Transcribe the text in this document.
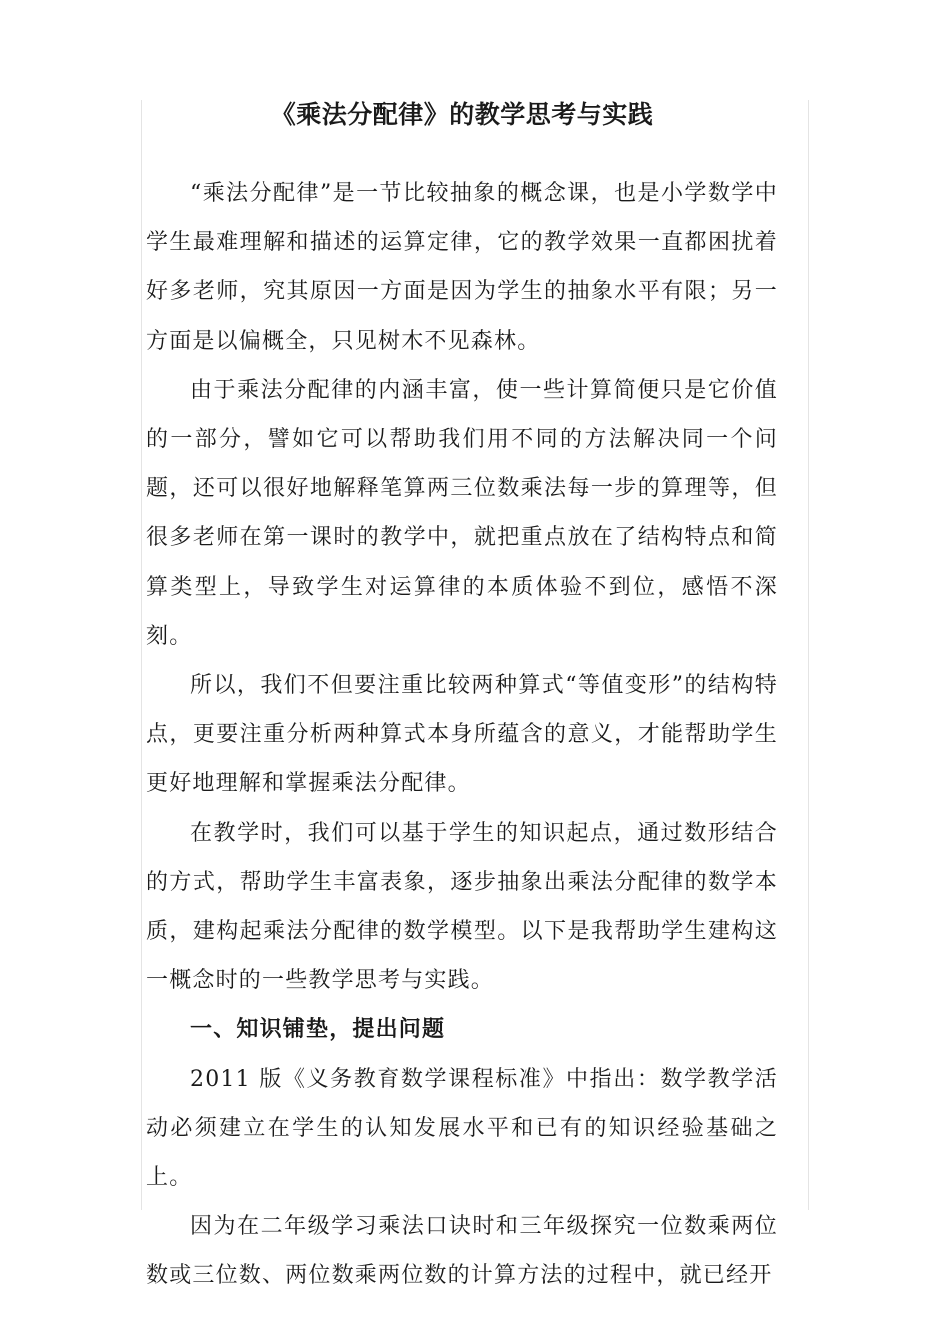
《乘法分配律》的教学思考与实践

“乘法分配律”是一节比较抽象的概念课，也是小学数学中学生最难理解和描述的运算定律，它的教学效果一直都困扰着好多老师，究其原因一方面是因为学生的抽象水平有限；另一方面是以偏概全，只见树木不见森林。

由于乘法分配律的内涵丰富，使一些计算简便只是它价值的一部分，譬如它可以帮助我们用不同的方法解决同一个问题，还可以很好地解释笔算两三位数乘法每一步的算理等，但很多老师在第一课时的教学中，就把重点放在了结构特点和简算类型上，导致学生对运算律的本质体验不到位，感悟不深刻。

所以，我们不但要注重比较两种算式“等值变形”的结构特点，更要注重分析两种算式本身所蕴含的意义，才能帮助学生更好地理解和掌握乘法分配律。

在教学时，我们可以基于学生的知识起点，通过数形结合的方式，帮助学生丰富表象，逐步抽象出乘法分配律的数学本质，建构起乘法分配律的数学模型。以下是我帮助学生建构这一概念时的一些教学思考与实践。

一、知识铺垫，提出问题

2011 版《义务教育数学课程标准》中指出：数学教学活动必须建立在学生的认知发展水平和已有的知识经验基础之上。

因为在二年级学习乘法口诀时和三年级探究一位数乘两位数或三位数、两位数乘两位数的计算方法的过程中，就已经开
